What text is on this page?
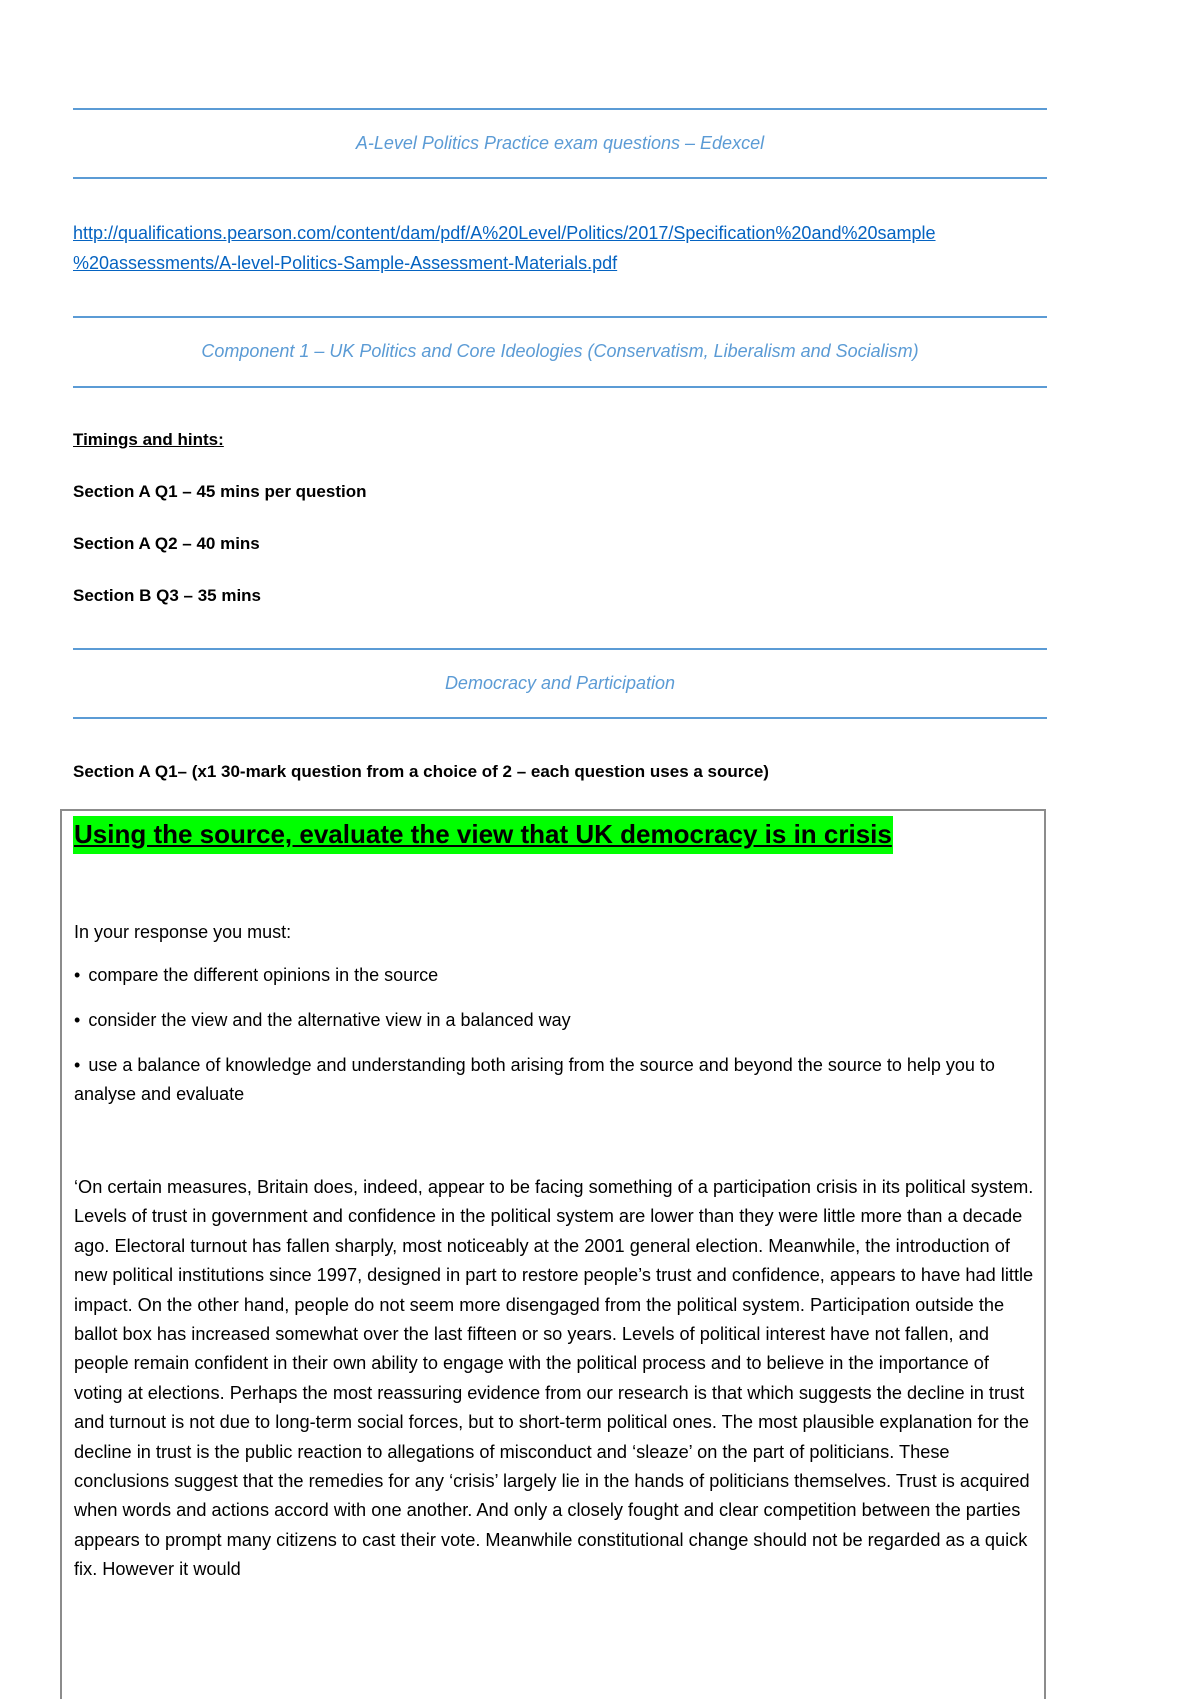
A-Level Politics Practice exam questions – Edexcel
http://qualifications.pearson.com/content/dam/pdf/A%20Level/Politics/2017/Specification%20and%20sample
%20assessments/A-level-Politics-Sample-Assessment-Materials.pdf
Component 1 – UK Politics and Core Ideologies (Conservatism, Liberalism and Socialism)
Timings and hints:
Section A Q1 – 45 mins per question
Section A Q2 – 40 mins
Section B Q3 – 35 mins
Democracy and Participation
Section A Q1– (x1 30-mark question from a choice of 2 – each question uses a source)
Using the source, evaluate the view that UK democracy is in crisis
In your response you must:
• compare the different opinions in the source
• consider the view and the alternative view in a balanced way
• use a balance of knowledge and understanding both arising from the source and beyond the source to help you to analyse and evaluate
‘On certain measures, Britain does, indeed, appear to be facing something of a participation crisis in its political system. Levels of trust in government and confidence in the political system are lower than they were little more than a decade ago. Electoral turnout has fallen sharply, most noticeably at the 2001 general election. Meanwhile, the introduction of new political institutions since 1997, designed in part to restore people’s trust and confidence, appears to have had little impact. On the other hand, people do not seem more disengaged from the political system. Participation outside the ballot box has increased somewhat over the last fifteen or so years. Levels of political interest have not fallen, and people remain confident in their own ability to engage with the political process and to believe in the importance of voting at elections. Perhaps the most reassuring evidence from our research is that which suggests the decline in trust and turnout is not due to long-term social forces, but to short-term political ones. The most plausible explanation for the decline in trust is the public reaction to allegations of misconduct and ‘sleaze’ on the part of politicians. These conclusions suggest that the remedies for any ‘crisis’ largely lie in the hands of politicians themselves. Trust is acquired when words and actions accord with one another. And only a closely fought and clear competition between the parties appears to prompt many citizens to cast their vote. Meanwhile constitutional change should not be regarded as a quick fix. However it would
